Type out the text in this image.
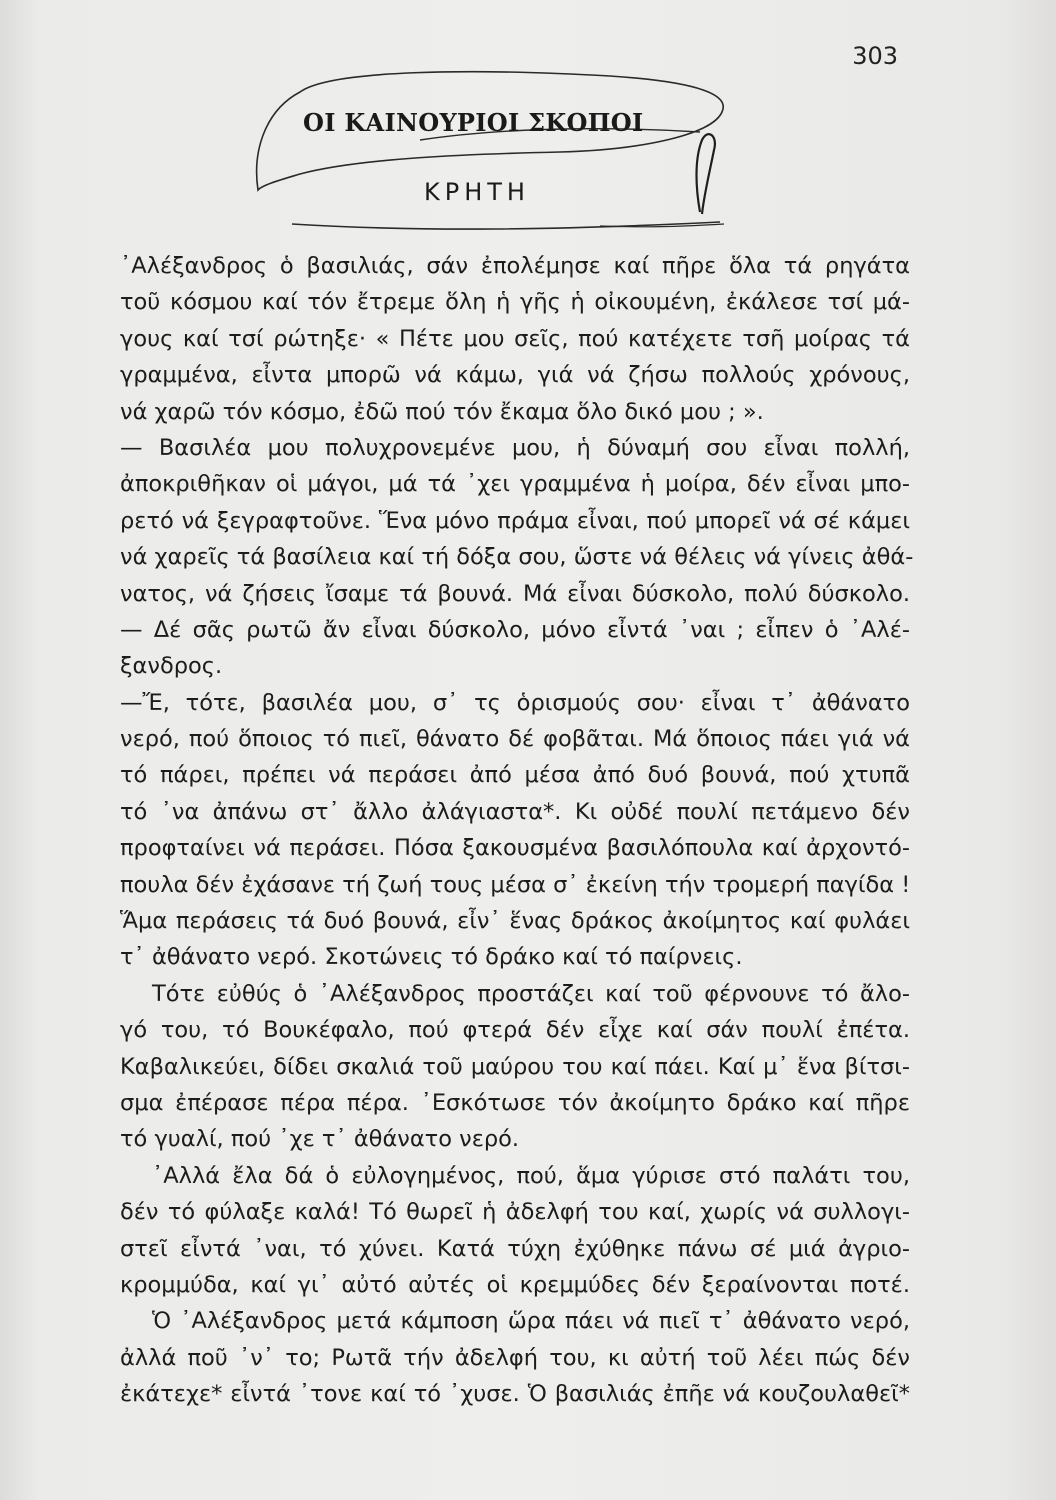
303
ΟΙ ΚΑΙΝΟΥΡΙΟΙ ΣΚΟΠΟΙ
ΚΡΗΤΗ
᾿Αλέξανδρος ὁ βασιλιάς, σάν ἐπολέμησε καί πῆρε ὅλα τά ρηγάτα
τοῦ κόσμου καί τόν ἔτρεμε ὅλη ἡ γῆς ἡ οἰκουμένη, ἐκάλεσε τσί μά-
γους καί τσί ρώτηξε· « Πέτε μου σεῖς, πού κατέχετε τσῆ μοίρας τά
γραμμένα, εἶντα μπορῶ νά κάμω, γιά νά ζήσω πολλούς χρόνους,
νά χαρῶ τόν κόσμο, ἐδῶ πού τόν ἔκαμα ὅλο δικό μου ; ».
— Βασιλέα μου πολυχρονεμένε μου, ἡ δύναμή σου εἶναι πολλή,
ἀποκριθῆκαν οἱ μάγοι, μά τά ᾽χει γραμμένα ἡ μοίρα, δέν εἶναι μπο-
ρετό νά ξεγραφτοῦνε. Ἕνα μόνο πράμα εἶναι, πού μπορεῖ νά σέ κάμει
νά χαρεῖς τά βασίλεια καί τή δόξα σου, ὥστε νά θέλεις νά γίνεις ἀθά-
νατος, νά ζήσεις ἴσαμε τά βουνά. Μά εἶναι δύσκολο, πολύ δύσκολο.
— Δέ σᾶς ρωτῶ ἄν εἶναι δύσκολο, μόνο εἶντά ᾽ναι ; εἶπεν ὁ ᾿Αλέ-
ξανδρος.
—Ἔ, τότε, βασιλέα μου, σ᾽ τς ὁρισμούς σου· εἶναι τ᾽ ἀθάνατο
νερό, πού ὅποιος τό πιεῖ, θάνατο δέ φοβᾶται. Μά ὅποιος πάει γιά νά
τό πάρει, πρέπει νά περάσει ἀπό μέσα ἀπό δυό βουνά, πού χτυπᾶ
τό ᾽να ἀπάνω στ᾽ ἄλλο ἀλάγιαστα*. Κι οὐδέ πουλί πετάμενο δέν
προφταίνει νά περάσει. Πόσα ξακουσμένα βασιλόπουλα καί ἀρχοντό-
πουλα δέν ἐχάσανε τή ζωή τους μέσα σ᾽ ἐκείνη τήν τρομερή παγίδα !
Ἅμα περάσεις τά δυό βουνά, εἶν᾽ ἕνας δράκος ἀκοίμητος καί φυλάει
τ᾽ ἀθάνατο νερό. Σκοτώνεις τό δράκο καί τό παίρνεις.
Τότε εὐθύς ὁ ᾿Αλέξανδρος προστάζει καί τοῦ φέρνουνε τό ἄλο-
γό του, τό Βουκέφαλο, πού φτερά δέν εἶχε καί σάν πουλί ἐπέτα.
Καβαλικεύει, δίδει σκαλιά τοῦ μαύρου του καί πάει. Καί μ᾽ ἕνα βίτσι-
σμα ἐπέρασε πέρα πέρα. ᾿Εσκότωσε τόν ἀκοίμητο δράκο καί πῆρε
τό γυαλί, πού ᾽χε τ᾽ ἀθάνατο νερό.
᾿Αλλά ἔλα δά ὁ εὐλογημένος, πού, ἅμα γύρισε στό παλάτι του,
δέν τό φύλαξε καλά! Τό θωρεῖ ἡ ἀδελφή του καί, χωρίς νά συλλογι-
στεῖ εἶντά ᾽ναι, τό χύνει. Κατά τύχη ἐχύθηκε πάνω σέ μιά ἀγριο-
κρομμύδα, καί γι᾽ αὐτό αὐτές οἱ κρεμμύδες δέν ξεραίνονται ποτέ.
Ὁ ᾿Αλέξανδρος μετά κάμποση ὥρα πάει νά πιεῖ τ᾽ ἀθάνατο νερό,
ἀλλά ποῦ ᾽ν᾽ το; Ρωτᾶ τήν ἀδελφή του, κι αὐτή τοῦ λέει πώς δέν
ἐκάτεχε* εἶντά ᾽τονε καί τό ᾽χυσε. Ὁ βασιλιάς ἐπῆε νά κουζουλαθεῖ*
